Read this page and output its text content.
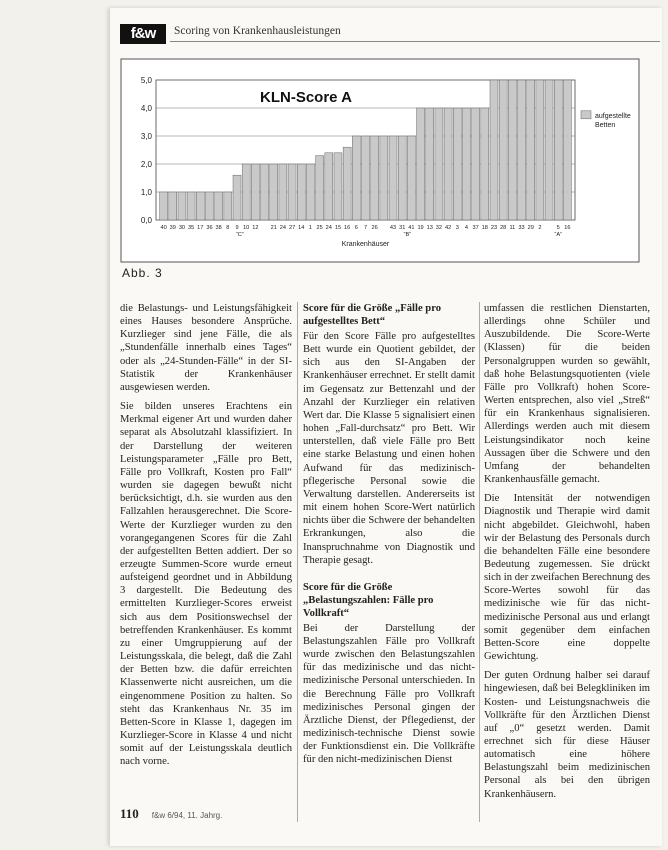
f&w	Scoring von Krankenhausleistungen
0,0
1,0
2,0
3,0
4,0
5,0
40 39 30 35 17 36 38 8 9 10 12 21 24 27 14 1 25 24 15 16 6 7 26 43 31 41 19 13 32 42 3 4 37 18 23 28 11 33 29 2	5 16
“C”	“B”	“A”
Krankenhäuser
KLN-Score A
aufgestellte Betten
Abb. 3

die Belastungs- und Leistungsfähigkeit eines Hauses besondere Ansprüche. Kurzlieger sind jene Fälle, die als „Stundenfälle innerhalb eines Tages“ oder als „24-Stunden-Fälle“ in der SI-Statistik der Krankenhäuser ausgewiesen werden.

Sie bilden unseres Erachtens ein Merkmal eigener Art und wurden daher separat als Absolutzahl klassifiziert. In der Darstellung der weiteren Leistungsparameter „Fälle pro Bett, Fälle pro Vollkraft, Kosten pro Fall“ wurden sie dagegen bewußt nicht berücksichtigt, d.h. sie wurden aus den Fallzahlen herausgerechnet. Die Score-Werte der Kurzlieger wurden zu den vorangegangenen Scores für die Zahl der aufgestellten Betten addiert. Der so erzeugte Summen-Score wurde erneut aufsteigend geordnet und in Abbildung 3 dargestellt. Die Bedeutung des ermittelten Kurzlieger-Scores erweist sich aus dem Positionswechsel der betreffenden Krankenhäuser. Es kommt zu einer Umgruppierung auf der Leistungsskala, die belegt, daß die Zahl der Betten bzw. die dafür erreichten Klassenwerte nicht ausreichen, um die eingenommene Position zu halten. So steht das Krankenhaus Nr. 35 im Betten-Score in Klasse 1, dagegen im Kurzlieger-Score in Klasse 4 und nicht somit auf der Leistungsskala deutlich nach vorne.

Score für die Größe „Fälle pro aufgestelltes Bett“

Für den Score Fälle pro aufgestelltes Bett wurde ein Quotient gebildet, der sich aus den SI-Angaben der Krankenhäuser errechnet. Er stellt damit im Gegensatz zur Bettenzahl und der Anzahl der Kurzlieger ein relativen Wert dar. Die Klasse 5 signalisiert einen hohen „Fall-durchsatz“ pro Bett. Wir unterstellen, daß viele Fälle pro Bett eine starke Belastung und einen hohen Aufwand für das medizinisch-pflegerische Personal sowie die Verwaltung darstellen. Andererseits ist mit einem hohen Score-Wert natürlich nichts über die Schwere der behandelten Erkrankungen, also die Inanspruchnahme von Diagnostik und Therapie gesagt.

Score für die Größe „Belastungszahlen: Fälle pro Vollkraft“

Bei der Darstellung der Belastungszahlen Fälle pro Vollkraft wurde zwischen den Belastungszahlen für das medizinische und das nicht-medizinische Personal unterschieden. In die Berechnung Fälle pro Vollkraft medizinisches Personal gingen der Ärztliche Dienst, der Pflegedienst, der medizinisch-technische Dienst sowie der Funktionsdienst ein. Die Vollkräfte für den nicht-medizinischen Dienst

umfassen die restlichen Dienstarten, allerdings ohne Schüler und Auszubildende. Die Score-Werte (Klassen) für die beiden Personalgruppen wurden so gewählt, daß hohe Belastungsquotienten (viele Fälle pro Vollkraft) hohen Score-Werten entsprechen, also viel „Streß“ für ein Krankenhaus signalisieren. Allerdings werden auch mit diesem Leistungsindikator noch keine Aussagen über die Schwere und den Umfang der behandelten Krankenhausfälle gemacht.

Die Intensität der notwendigen Diagnostik und Therapie wird damit nicht abgebildet. Gleichwohl, haben wir der Belastung des Personals durch die behandelten Fälle eine besondere Bedeutung zugemessen. Sie drückt sich in der zweifachen Berechnung des Score-Wertes sowohl für das medizinische wie für das nicht-medizinische Personal aus und erlangt somit gegenüber dem einfachen Betten-Score eine doppelte Gewichtung.

Der guten Ordnung halber sei darauf hingewiesen, daß bei Belegkliniken im Kosten- und Leistungsnachweis die Vollkräfte für den Ärztlichen Dienst auf „0“ gesetzt werden. Damit errechnet sich für diese Häuser automatisch eine höhere Belastungszahl beim medizinischen Personal als bei den übrigen Krankenhäusern.

110 f&w 6/94, 11. Jahrg.
